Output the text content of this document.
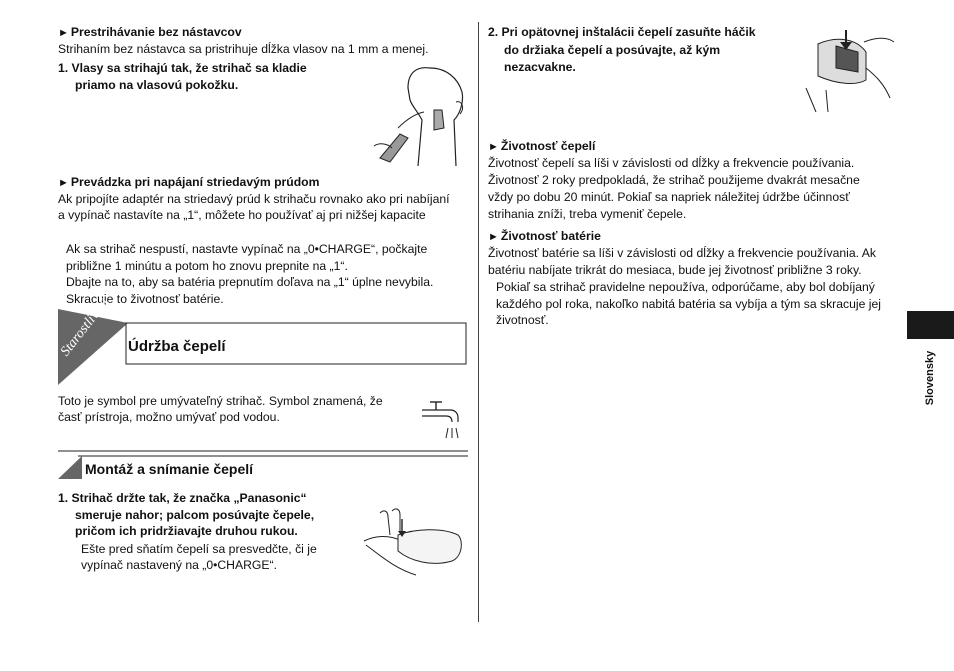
► Prestrihávanie bez nástavcov
Strihaním bez nástavca sa pristrihuje dĺžka vlasov na 1 mm a menej.
1. Vlasy sa strihajú tak, že strihač sa kladie
priamo na vlasovú pokožku.
► Prevádzka pri napájaní striedavým prúdom
Ak pripojíte adaptér na striedavý prúd k strihaču rovnako ako pri nabíjaní
a vypínač nastavíte na „1“, môžete ho používať aj pri nižšej kapacite
Ak sa strihač nespustí, nastavte vypínač na „0•CHARGE“, počkajte
približne 1 minútu a potom ho znovu prepnite na „1“.
Dbajte na to, aby sa batéria prepnutím doľava na „1“ úplne nevybila.
Skracuje to životnosť batérie.
Starostlivosť Údržba čepelí
Toto je symbol pre umývateľný strihač. Symbol znamená, že
časť prístroja, možno umývať pod vodou.
Montáž a snímanie čepelí
1. Strihač držte tak, že značka „Panasonic“
smeruje nahor; palcom posúvajte čepele,
pričom ich pridržiavajte druhou rukou.
Ešte pred sňatím čepelí sa presvedčte, či je
vypínač nastavený na „0•CHARGE“.
2. Pri opätovnej inštalácii čepelí zasuňte háčik
do držiaka čepelí a posúvajte, až kým
nezacvakne.
► Životnosť čepelí
Životnosť čepelí sa líši v závislosti od dĺžky a frekvencie používania.
Životnosť 2 roky predpokladá, že strihač použijeme dvakrát mesačne
vždy po dobu 20 minút. Pokiaľ sa napriek náležitej údržbe účinnosť
strihania zníži, treba vymeniť čepele.
► Životnosť batérie
Životnosť batérie sa líši v závislosti od dĺžky a frekvencie používania. Ak
batériu nabíjate trikrát do mesiaca, bude jej životnosť približne 3 roky.
Pokiaľ sa strihač pravidelne nepoužíva, odporúčame, aby bol dobíjaný
každého pol roka, nakoľko nabitá batéria sa vybíja a tým sa skracuje jej
životnosť.
Slovensky
